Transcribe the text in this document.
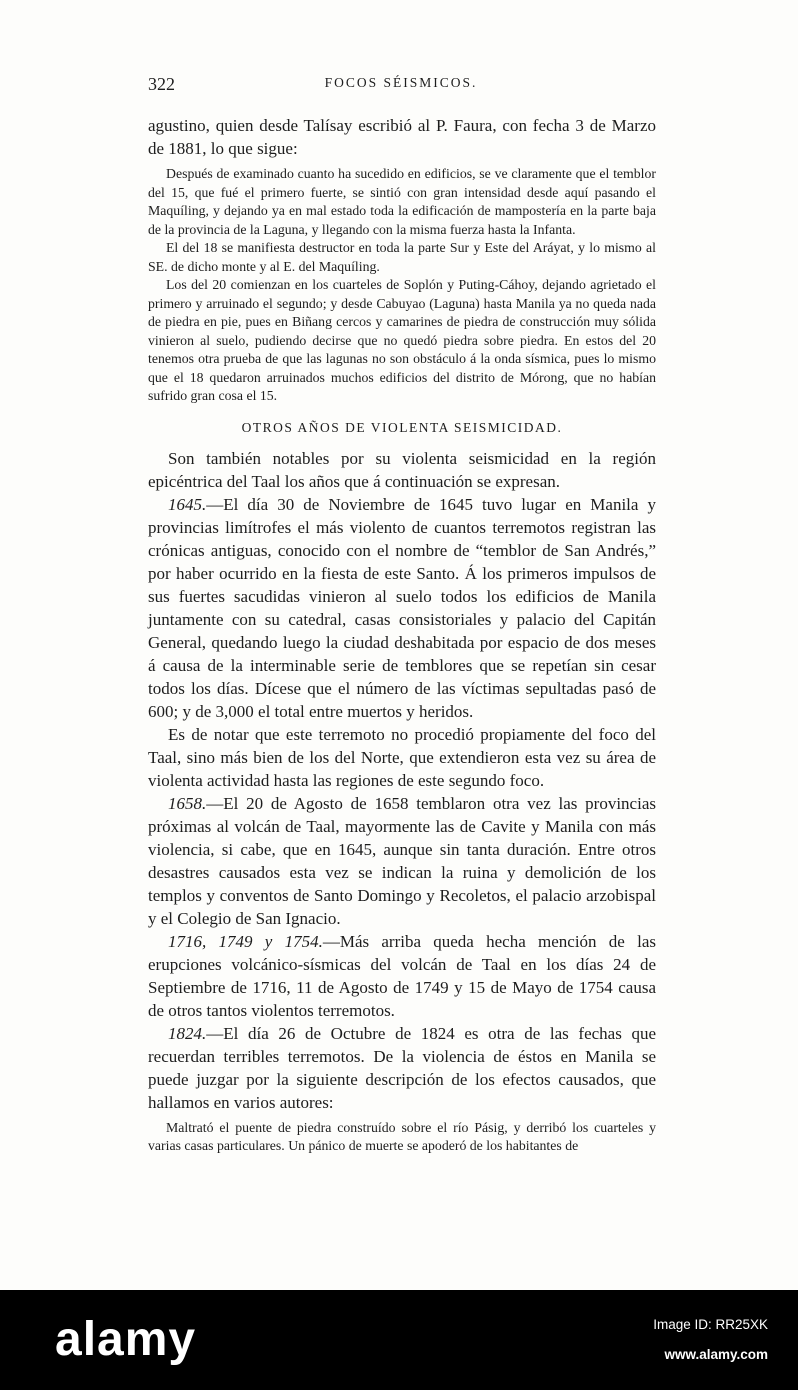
322	FOCOS SÉISMICOS.

agustino, quien desde Talísay escribió al P. Faura, con fecha 3 de Marzo de 1881, lo que sigue:

Después de examinado cuanto ha sucedido en edificios, se ve claramente que el temblor del 15, que fué el primero fuerte, se sintió con gran intensidad desde aquí pasando el Maquíling, y dejando ya en mal estado toda la edificación de mampostería en la parte baja de la provincia de la Laguna, y llegando con la misma fuerza hasta la Infanta.

El del 18 se manifiesta destructor en toda la parte Sur y Este del Aráyat, y lo mismo al SE. de dicho monte y al E. del Maquíling.

Los del 20 comienzan en los cuarteles de Soplón y Puting-Cáhoy, dejando agrietado el primero y arruinado el segundo; y desde Cabuyao (Laguna) hasta Manila ya no queda nada de piedra en pie, pues en Biñang cercos y camarines de piedra de construcción muy sólida vinieron al suelo, pudiendo decirse que no quedó piedra sobre piedra. En estos del 20 tenemos otra prueba de que las lagunas no son obstáculo á la onda sísmica, pues lo mismo que el 18 quedaron arruinados muchos edificios del distrito de Mórong, que no habían sufrido gran cosa el 15.

OTROS AÑOS DE VIOLENTA SEISMICIDAD.

Son también notables por su violenta seismicidad en la región epicéntrica del Taal los años que á continuación se expresan.

1645.—El día 30 de Noviembre de 1645 tuvo lugar en Manila y provincias limítrofes el más violento de cuantos terremotos registran las crónicas antiguas, conocido con el nombre de “temblor de San Andrés,” por haber ocurrido en la fiesta de este Santo. Á los primeros impulsos de sus fuertes sacudidas vinieron al suelo todos los edificios de Manila juntamente con su catedral, casas consistoriales y palacio del Capitán General, quedando luego la ciudad deshabitada por espacio de dos meses á causa de la interminable serie de temblores que se repetían sin cesar todos los días. Dícese que el número de las víctimas sepultadas pasó de 600; y de 3,000 el total entre muertos y heridos.

Es de notar que este terremoto no procedió propiamente del foco del Taal, sino más bien de los del Norte, que extendieron esta vez su área de violenta actividad hasta las regiones de este segundo foco.

1658.—El 20 de Agosto de 1658 temblaron otra vez las provincias próximas al volcán de Taal, mayormente las de Cavite y Manila con más violencia, si cabe, que en 1645, aunque sin tanta duración. Entre otros desastres causados esta vez se indican la ruina y demolición de los templos y conventos de Santo Domingo y Recoletos, el palacio arzobispal y el Colegio de San Ignacio.

1716, 1749 y 1754.—Más arriba queda hecha mención de las erupciones volcánico-sísmicas del volcán de Taal en los días 24 de Septiembre de 1716, 11 de Agosto de 1749 y 15 de Mayo de 1754 causa de otros tantos violentos terremotos.

1824.—El día 26 de Octubre de 1824 es otra de las fechas que recuerdan terribles terremotos. De la violencia de éstos en Manila se puede juzgar por la siguiente descripción de los efectos causados, que hallamos en varios autores:

Maltrató el puente de piedra construído sobre el río Pásig, y derribó los cuarteles y varias casas particulares. Un pánico de muerte se apoderó de los habitantes de

alamy	Image ID: RR25XK
www.alamy.com
